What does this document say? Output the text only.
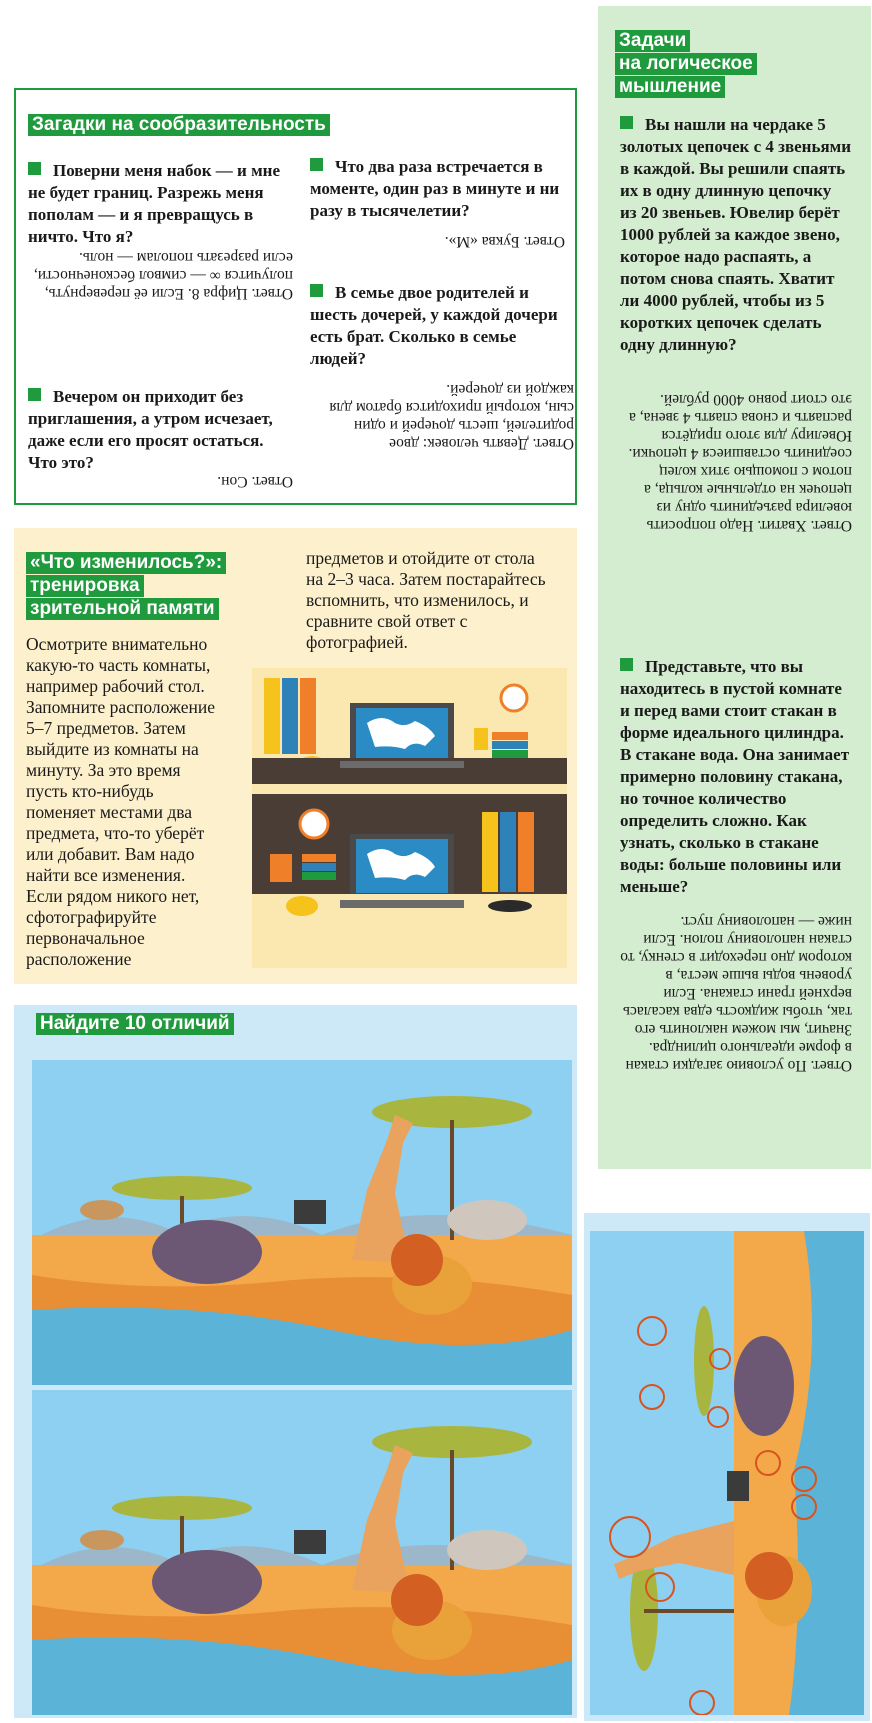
Загадки на сообразительность

Поверни меня набок — и мне не будет границ. Разрежь меня пополам — и я превращусь в ничто. Что я?

Ответ. Цифра 8. Если её перевернуть, получится ∞ — символ бесконечности, если разрезать пополам — ноль.

Вечером он приходит без приглашения, а утром исчезает, даже если его просят остаться. Что это?

Ответ. Сон.

Что два раза встречается в моменте, один раз в минуте и ни разу в тысячелетии?

Ответ. Буква «М».

В семье двое родителей и шесть дочерей, у каждой дочери есть брат. Сколько в семье людей?

Ответ. Девять человек: двое родителей, шесть дочерей и один сын, который приходится братом для каждой из дочерей.

Задачи
на логическое
мышление

Вы нашли на чердаке 5 золотых цепочек с 4 звеньями в каждой. Вы решили спаять их в одну длинную цепочку из 20 звеньев. Ювелир берёт 1000 рублей за каждое звено, которое надо распаять, а потом снова спаять. Хватит ли 4000 рублей, чтобы из 5 коротких цепочек сделать одну длинную?

Ответ. Хватит. Надо попросить ювелира разъединить одну из цепочек на отдельные кольца, а потом с помощью этих колец соединить оставшиеся 4 цепочки. Ювелиру для этого придётся распаять и снова спаять 4 звена, а это стоит ровно 4000 рублей.

Представьте, что вы находитесь в пустой комнате и перед вами стоит стакан в форме идеального цилиндра. В стакане вода. Она занимает примерно половину стакана, но точное количество определить сложно. Как узнать, сколько в стакане воды: больше половины или меньше?

Ответ. По условию загадки стакан в форме идеального цилиндра. Значит, мы можем наклонить его так, чтобы жидкость едва касалась верхней грани стакана. Если уровень воды выше места, в котором дно переходит в стенку, то стакан наполовину полон. Если ниже — наполовину пуст.

«Что изменилось?»:
тренировка
зрительной памяти

Осмотрите внимательно какую-то часть комнаты, например рабочий стол. Запомните расположение 5–7 предметов. Затем выйдите из комнаты на минуту. За это время пусть кто-нибудь поменяет местами два предмета, что-то уберёт или добавит. Вам надо найти все изменения. Если рядом никого нет, сфотографируйте первоначальное расположение

предметов и отойдите от стола на 2–3 часа. Затем постарайтесь вспомнить, что изменилось, и сравните свой ответ с фотографией.

Найдите 10 отличий
